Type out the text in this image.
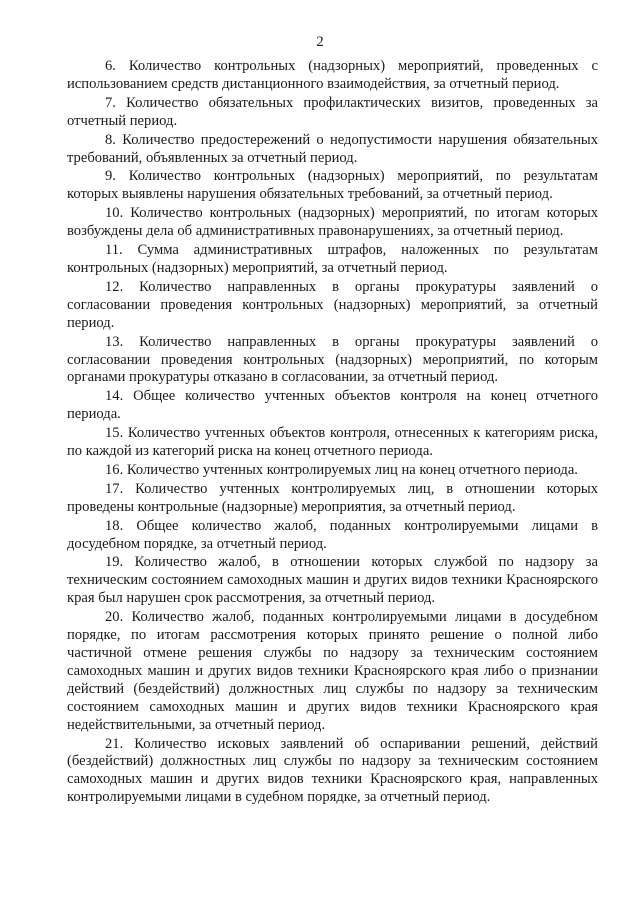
2

6. Количество контрольных (надзорных) мероприятий, проведенных с использованием средств дистанционного взаимодействия, за отчетный период.

7. Количество обязательных профилактических визитов, проведенных за отчетный период.

8. Количество предостережений о недопустимости нарушения обязательных требований, объявленных за отчетный период.

9. Количество контрольных (надзорных) мероприятий, по результатам которых выявлены нарушения обязательных требований, за отчетный период.

10. Количество контрольных (надзорных) мероприятий, по итогам которых возбуждены дела об административных правонарушениях, за отчетный период.

11. Сумма административных штрафов, наложенных по результатам контрольных (надзорных) мероприятий, за отчетный период.

12. Количество направленных в органы прокуратуры заявлений о согласовании проведения контрольных (надзорных) мероприятий, за отчетный период.

13. Количество направленных в органы прокуратуры заявлений о согласовании проведения контрольных (надзорных) мероприятий, по которым органами прокуратуры отказано в согласовании, за отчетный период.

14. Общее количество учтенных объектов контроля на конец отчетного периода.

15. Количество учтенных объектов контроля, отнесенных к категориям риска, по каждой из категорий риска на конец отчетного периода.

16. Количество учтенных контролируемых лиц на конец отчетного периода.

17. Количество учтенных контролируемых лиц, в отношении которых проведены контрольные (надзорные) мероприятия, за отчетный период.

18. Общее количество жалоб, поданных контролируемыми лицами в досудебном порядке, за отчетный период.

19. Количество жалоб, в отношении которых службой по надзору за техническим состоянием самоходных машин и других видов техники Красноярского края был нарушен срок рассмотрения, за отчетный период.

20. Количество жалоб, поданных контролируемыми лицами в досудебном порядке, по итогам рассмотрения которых принято решение о полной либо частичной отмене решения службы по надзору за техническим состоянием самоходных машин и других видов техники Красноярского края либо о признании действий (бездействий) должностных лиц службы по надзору за техническим состоянием самоходных машин и других видов техники Красноярского края недействительными, за отчетный период.

21. Количество исковых заявлений об оспаривании решений, действий (бездействий) должностных лиц службы по надзору за техническим состоянием самоходных машин и других видов техники Красноярского края, направленных контролируемыми лицами в судебном порядке, за отчетный период.
